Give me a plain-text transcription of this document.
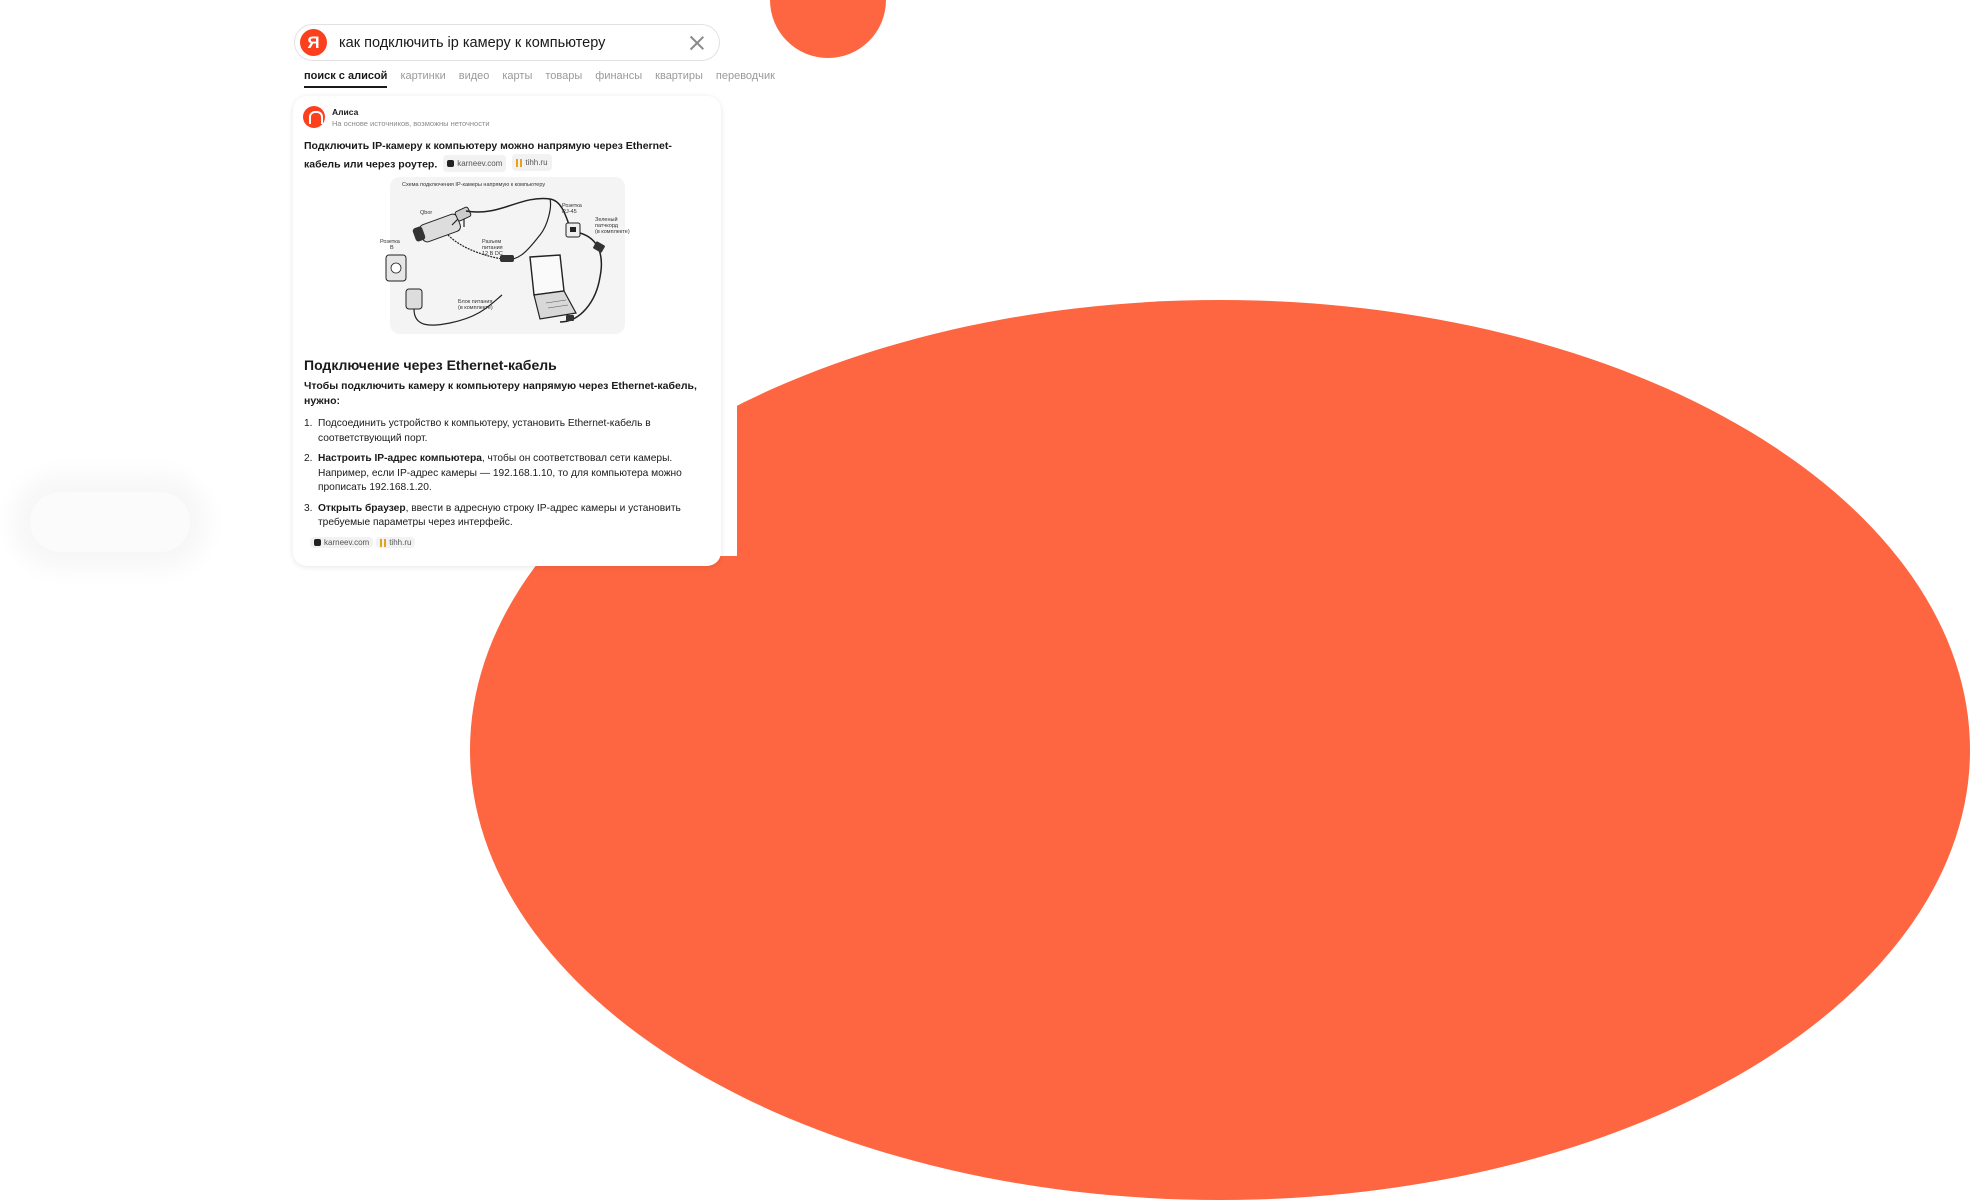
Я	как подключить ip камеру к компьютеру
поиск с алисой картинки видео карты товары финансы квартиры переводчик
Алиса
На основе источников, возможны неточности
Подключить IP-камеру к компьютеру можно напрямую через Ethernet-кабель или через роутер. karneev.com
	tihh.ru
Схема подключения IP-камеры напрямую к компьютеру
Розетка
В
Qbor
Разъем
питания
12 В DC
Блок питания
(в комплекте)
Розетка
RJ-45
Зеленый
патчкорд
(в комплекте)
Подключение через Ethernet-кабель
Чтобы подключить камеру к компьютеру напрямую через Ethernet-кабель, нужно:
1. Подсоединить устройство к компьютеру, установить Ethernet-кабель в соответствующий порт.
2. Настроить IP-адрес компьютера, чтобы он соответствовал сети камеры. Например, если IP-адрес камеры — 192.168.1.10, то для компьютера можно прописать 192.168.1.20.
3. Открыть браузер, ввести в адресную строку IP-адрес камеры и установить требуемые параметры через интерфейс.
karneev.com	tihh.ru
